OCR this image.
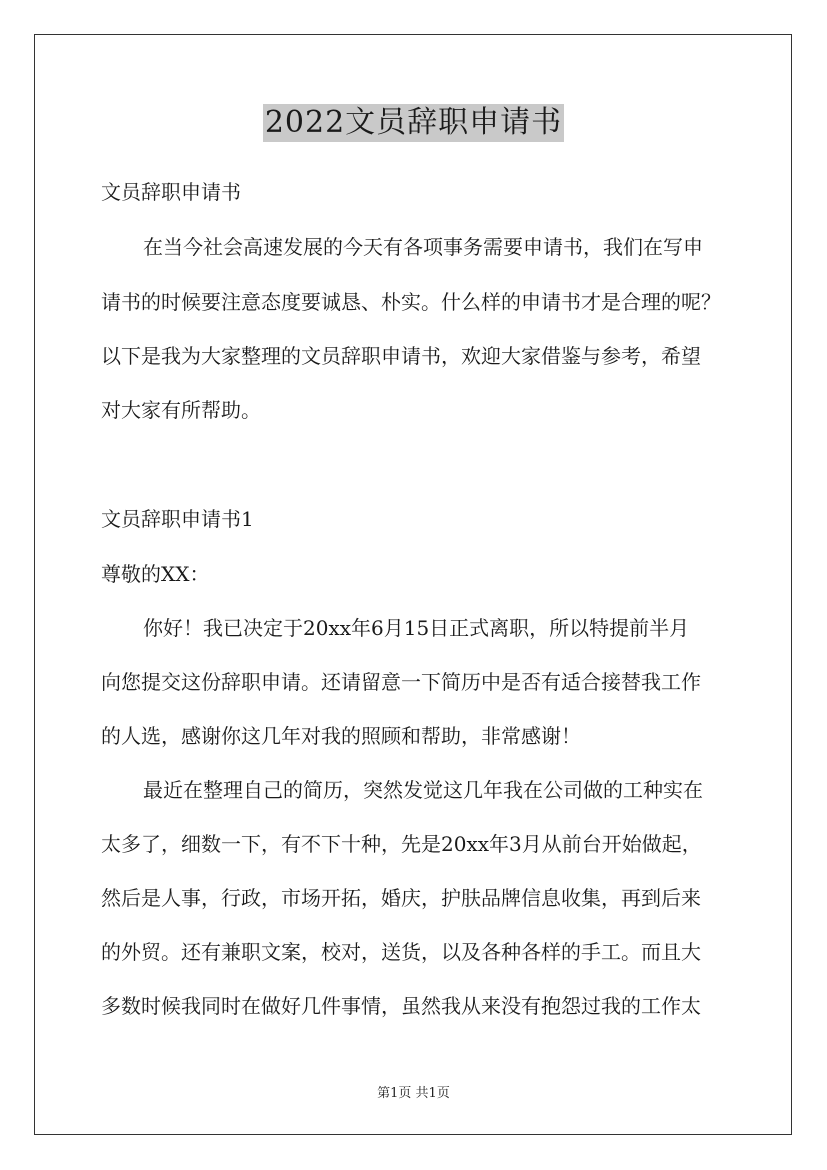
2022文员辞职申请书
文员辞职申请书
在当今社会高速发展的今天有各项事务需要申请书，我们在写申
请书的时候要注意态度要诚恳、朴实。什么样的申请书才是合理的呢？
以下是我为大家整理的文员辞职申请书，欢迎大家借鉴与参考，希望
对大家有所帮助。
文员辞职申请书1
尊敬的XX：
你好！我已决定于20xx年6月15日正式离职，所以特提前半月
向您提交这份辞职申请。还请留意一下简历中是否有适合接替我工作
的人选，感谢你这几年对我的照顾和帮助，非常感谢！
最近在整理自己的简历，突然发觉这几年我在公司做的工种实在
太多了，细数一下，有不下十种，先是20xx年3月从前台开始做起，
然后是人事，行政，市场开拓，婚庆，护肤品牌信息收集，再到后来
的外贸。还有兼职文案，校对，送货，以及各种各样的手工。而且大
多数时候我同时在做好几件事情，虽然我从来没有抱怨过我的工作太
第1页 共1页
